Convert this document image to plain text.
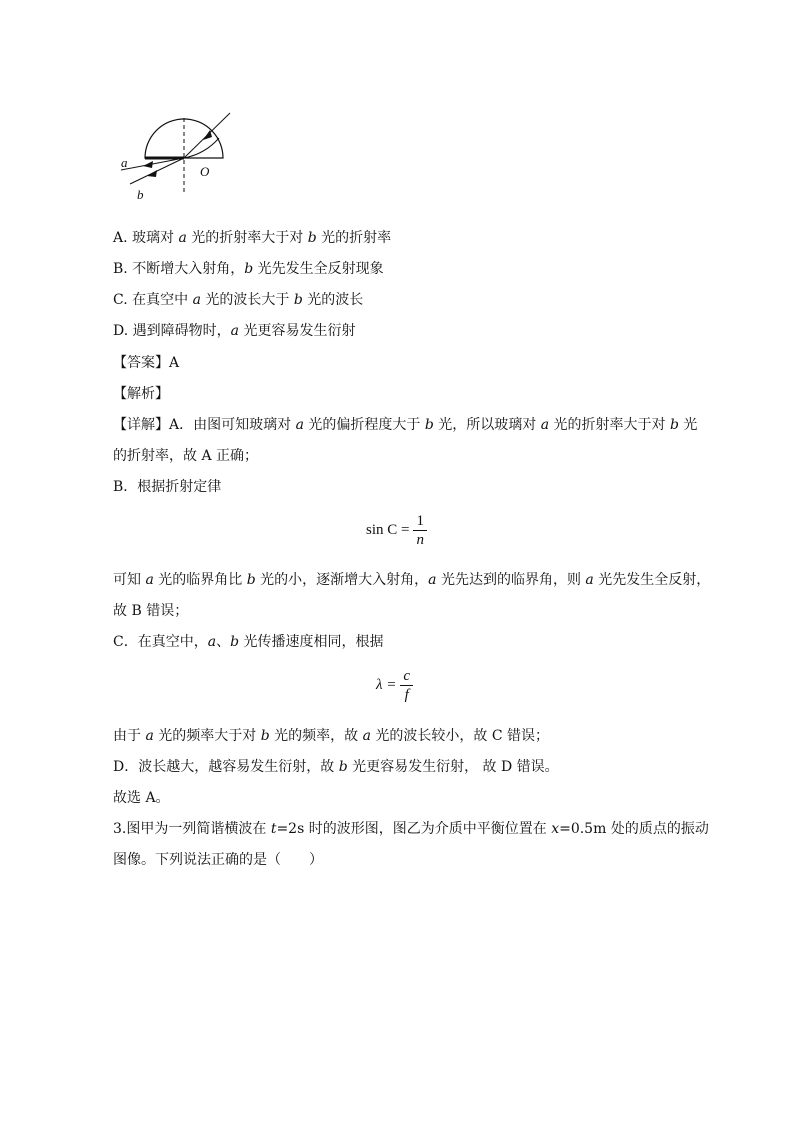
a
b
O
A. 玻璃对 a 光的折射率大于对 b 光的折射率
B. 不断增大入射角，b 光先发生全反射现象
C. 在真空中 a 光的波长大于 b 光的波长
D. 遇到障碍物时，a 光更容易发生衍射
【答案】A
【解析】
【详解】A．由图可知玻璃对 a 光的偏折程度大于 b 光，所以玻璃对 a 光的折射率大于对 b 光
的折射率，故 A 正确；
B．根据折射定律
$\sin C = \frac{1}{n}$
可知 a 光的临界角比 b 光的小，逐渐增大入射角，a 光先达到的临界角，则 a 光先发生全反射，
故 B 错误；
C．在真空中，a、b 光传播速度相同，根据
$\lambda = \frac{c}{f}$
由于 a 光的频率大于对 b 光的频率，故 a 光的波长较小，故 C 错误；
D．波长越大，越容易发生衍射，故 b 光更容易发生衍射， 故 D 错误。
故选 A。
3.图甲为一列简谐横波在 t=2s 时的波形图，图乙为介质中平衡位置在 x=0.5m 处的质点的振动
图像。下列说法正确的是（　　）
